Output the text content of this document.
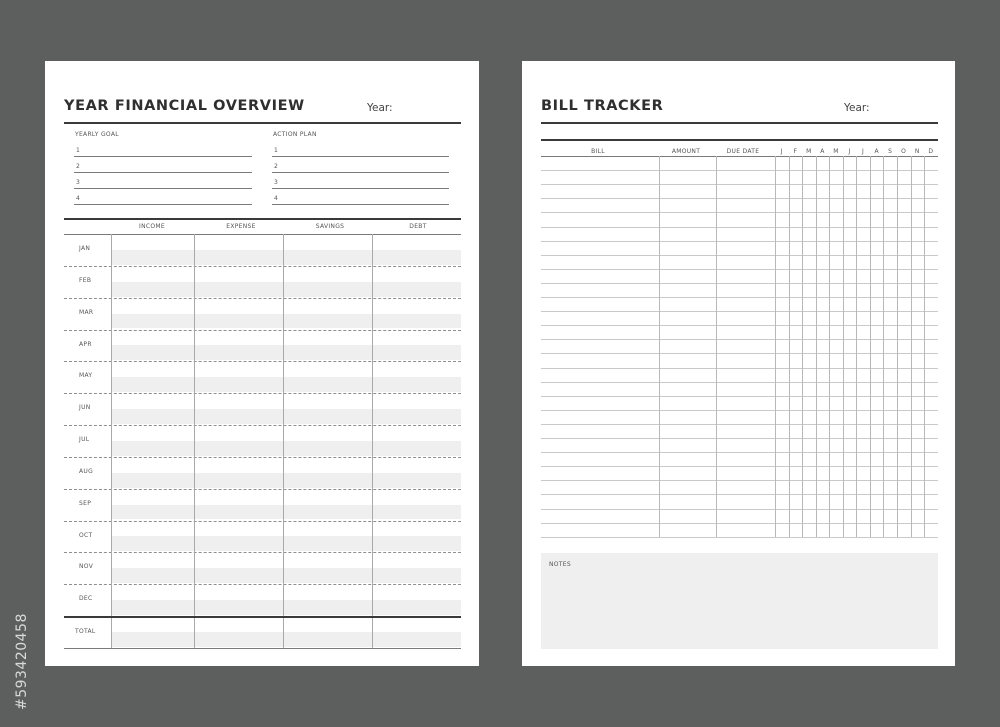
YEAR FINANCIAL OVERVIEW	Year:
YEARLY GOAL	ACTION PLAN
1	1
2	2
3	3
4	4
INCOME	EXPENSE	SAVINGS	DEBT
JAN
FEB
MAR
APR
MAY
JUN
JUL
AUG
SEP
OCT
NOV
DEC
TOTAL
BILL TRACKER	Year:
BILL	AMOUNT	DUE DATE	J	F	M	A	M	J	J	A	S	O	N	D
NOTES
#593420458
